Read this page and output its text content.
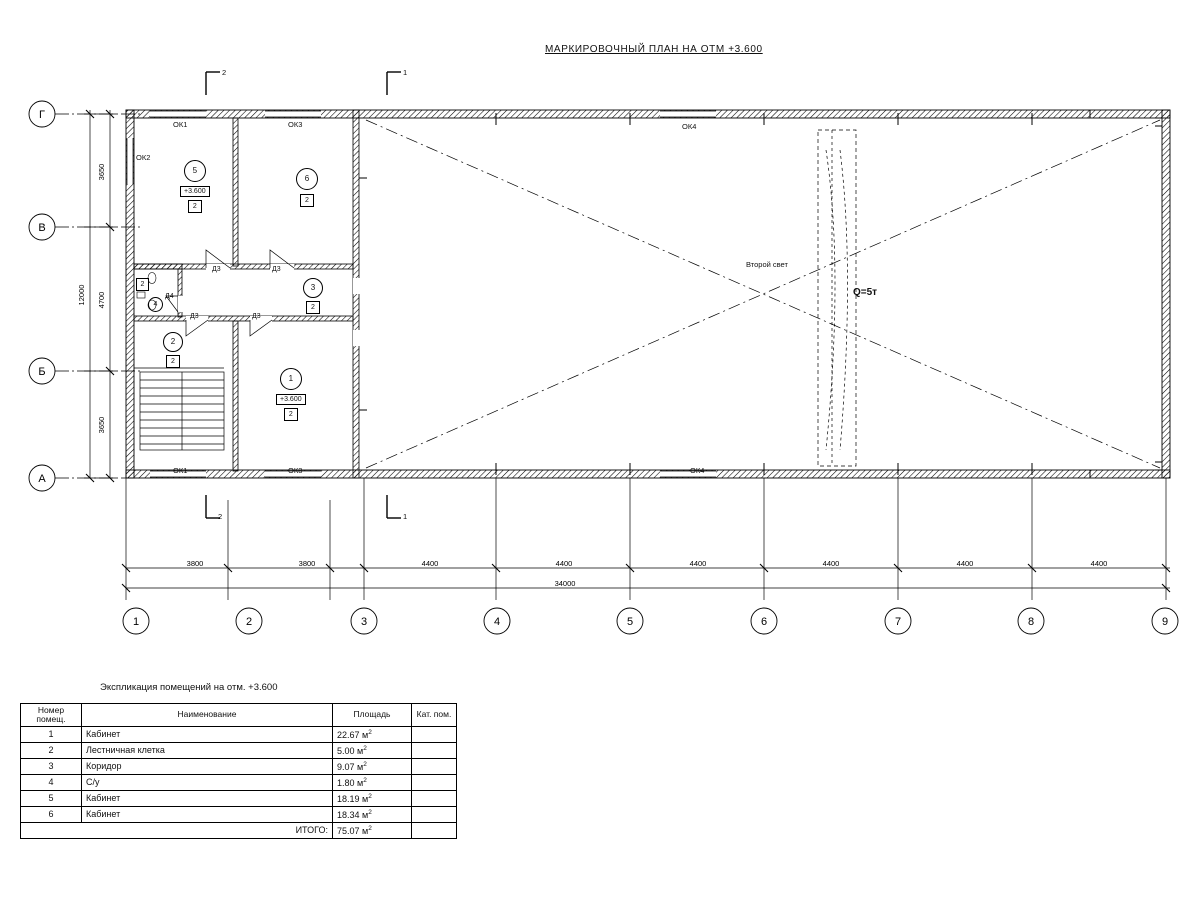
МАРКИРОВОЧНЫЙ ПЛАН НА ОТМ +3.600
Г
В
Б
А
3650
4700
3650
12000
3800	3800	4400	4400	4400	4400	4400	4400
34000
1	2	3	4	5	6	7	8	9
2	1
2	1
ОК1	ОК3	ОК4
ОК2
ОК1	ОК3	ОК4
Д3	Д3
Д3	Д3
Д4
5
+3.600
2
6
2
3
2
2
2
1
+3.600
2
2
4
Второй свет
Q=5т
Экспликация помещений на отм. +3.600
Номер помещ.	Наименование	Площадь	Кат. пом.
1	Кабинет	22.67 $м^2$	
2	Лестничная клетка	5.00 $м^2$	
3	Коридор	9.07 $м^2$	
4	С/у	1.80 $м^2$	
5	Кабинет	18.19 $м^2$	
6	Кабинет	18.34 $м^2$	
ИТОГО:		75.07 $м^2$	
